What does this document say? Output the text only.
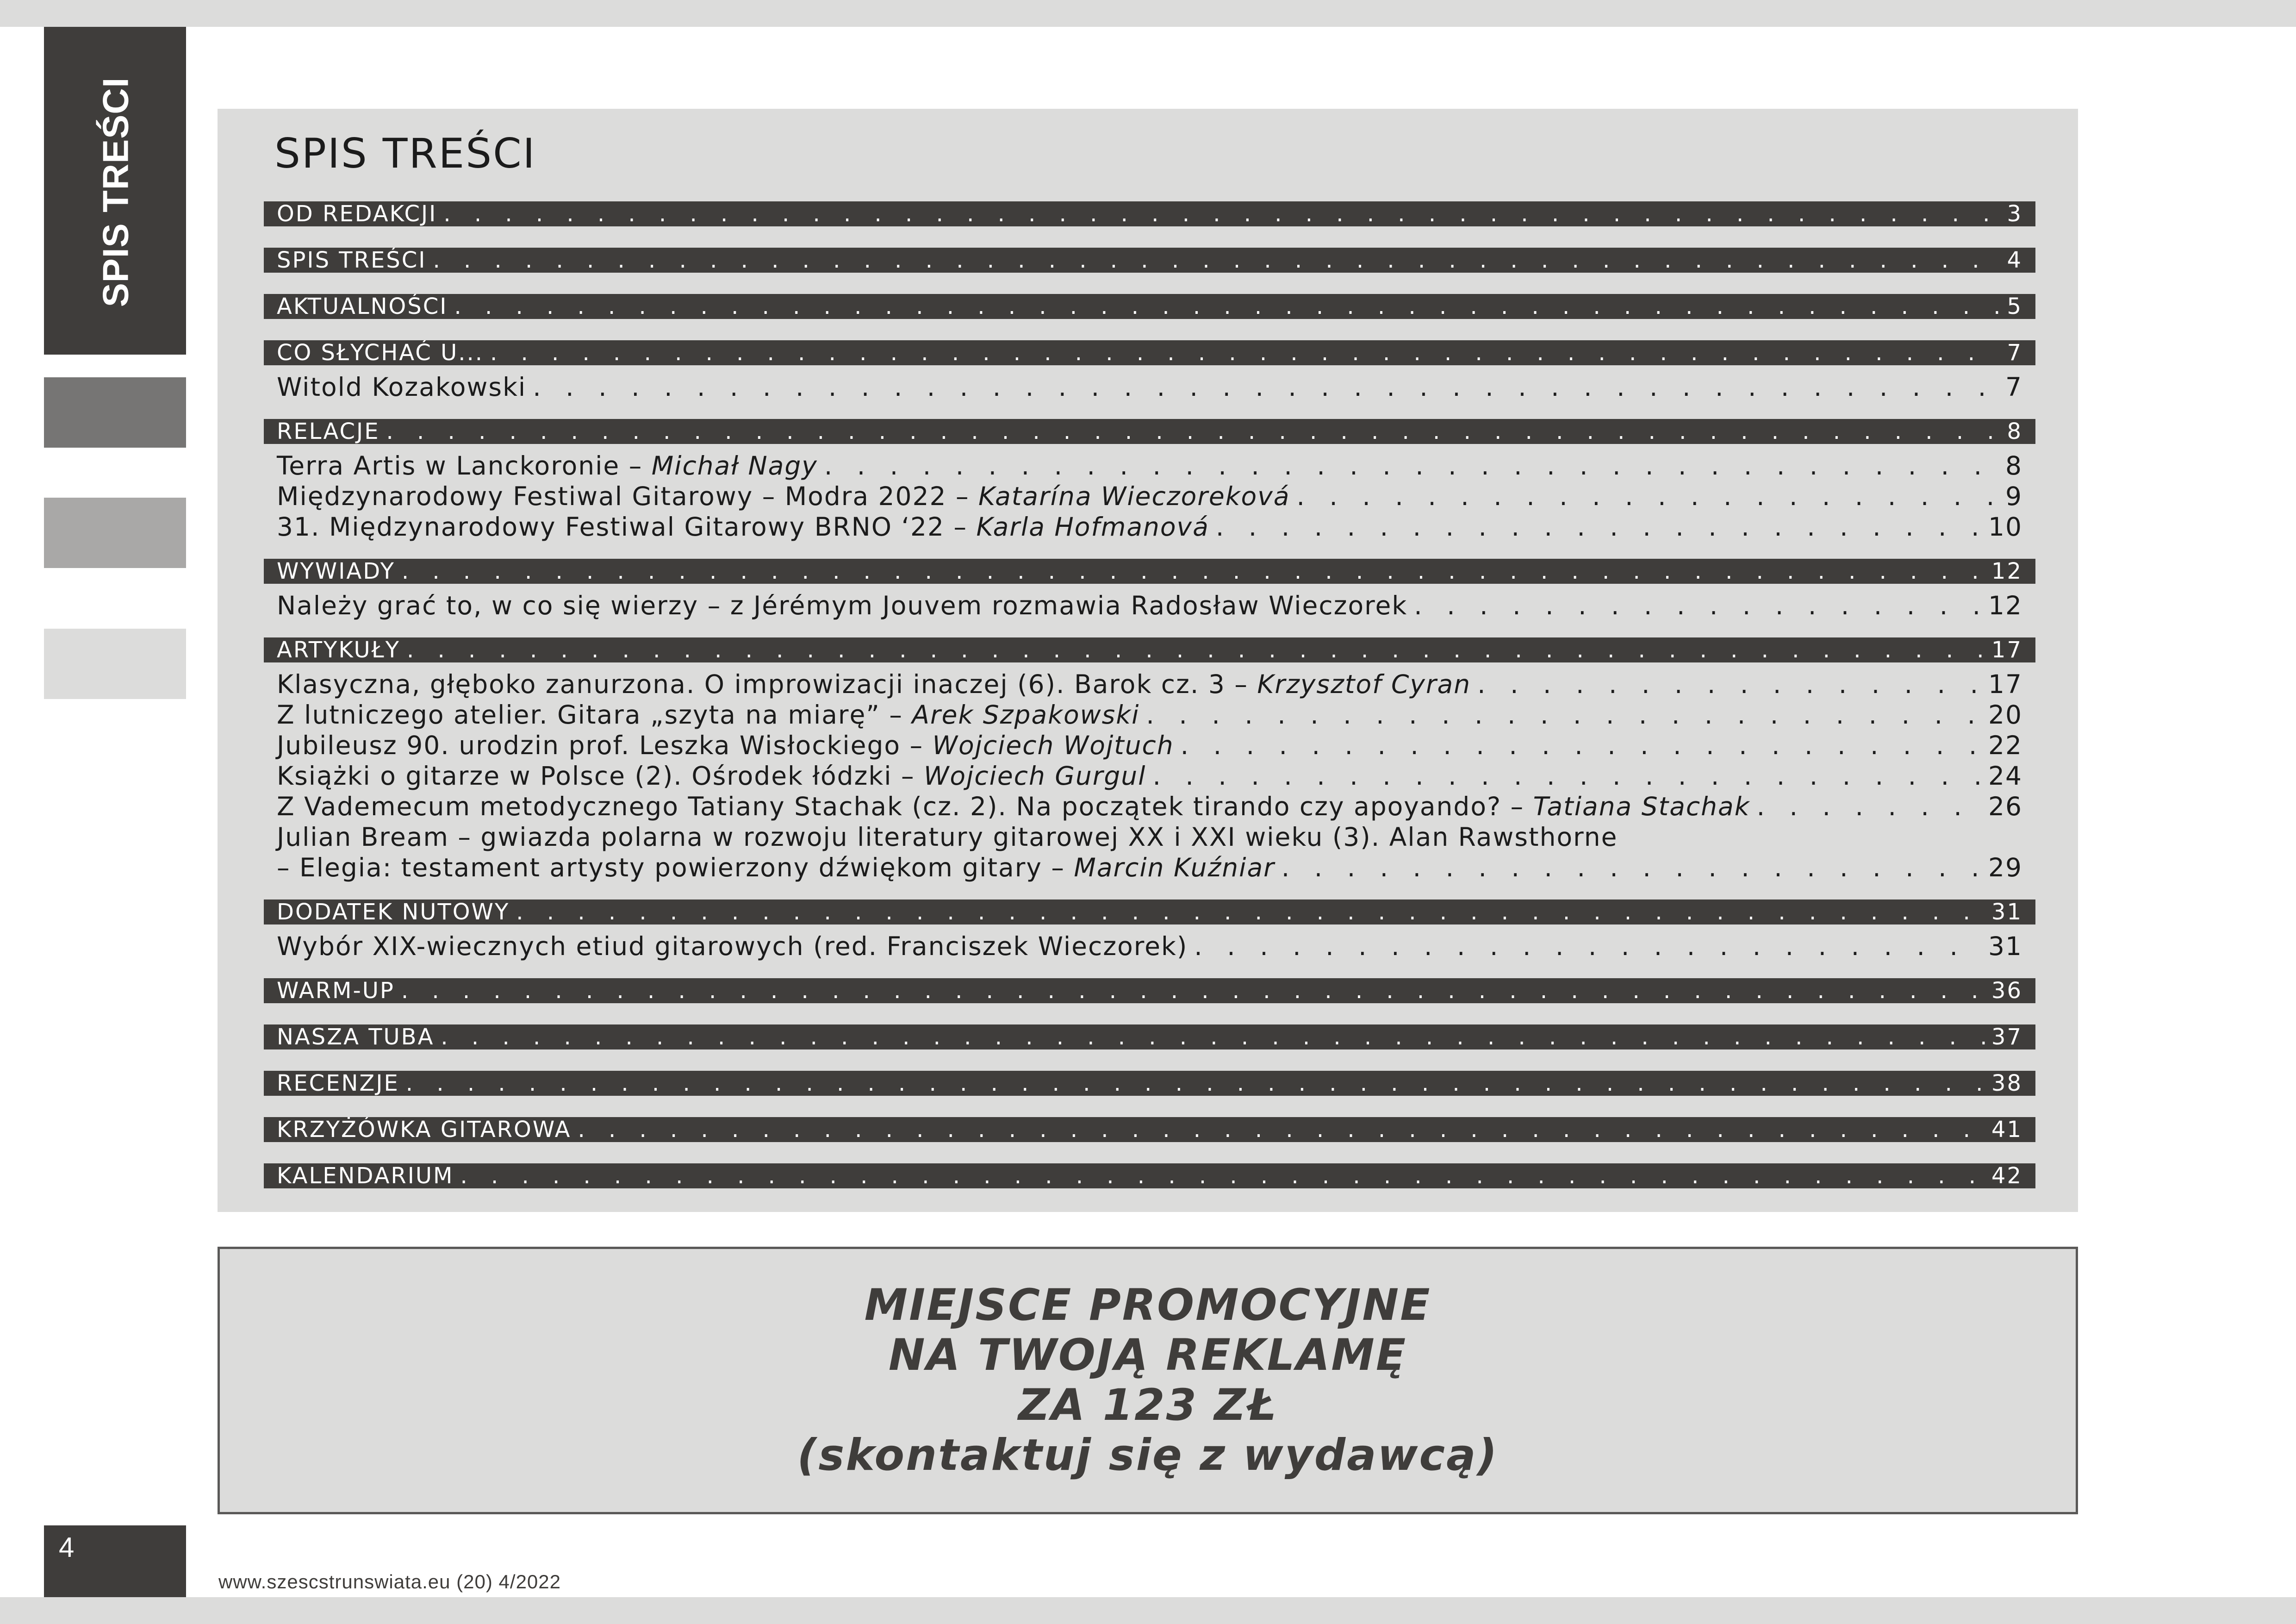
SPIS TREŚCI	SPIS TREŚCI
OD REDAKCJI . . .	3
SPIS TREŚCI . . .	4
AKTUALNOŚCI . . .	5
CO SŁYCHAĆ U... . . .	7
Witold Kozakowski . . .	7
RELACJE . . .	8
Terra Artis w Lanckoronie – Michał Nagy . . .	8
Międzynarodowy Festiwal Gitarowy – Modra 2022 – Katarína Wieczoreková . . .	9
31. Międzynarodowy Festiwal Gitarowy BRNO ‘22 – Karla Hofmanová . . .	10
WYWIADY . . .	12
Należy grać to, w co się wierzy – z Jérémym Jouvem rozmawia Radosław Wieczorek . . .	12
ARTYKUŁY . . .	17
Klasyczna, głęboko zanurzona. O improwizacji inaczej (6). Barok cz. 3 – Krzysztof Cyran . . .	17
Z lutniczego atelier. Gitara „szyta na miarę” – Arek Szpakowski . . .	20
Jubileusz 90. urodzin prof. Leszka Wisłockiego – Wojciech Wojtuch . . .	22
Książki o gitarze w Polsce (2). Ośrodek łódzki – Wojciech Gurgul . . .	24
Z Vademecum metodycznego Tatiany Stachak (cz. 2). Na początek tirando czy apoyando? – Tatiana Stachak . . .	26
Julian Bream – gwiazda polarna w rozwoju literatury gitarowej XX i XXI wieku (3). Alan Rawsthorne
– Elegia: testament artysty powierzony dźwiękom gitary – Marcin Kuźniar . . .	29
DODATEK NUTOWY . . .	31
Wybór XIX-wiecznych etiud gitarowych (red. Franciszek Wieczorek) . . .	31
WARM-UP . . .	36
NASZA TUBA . . .	37
RECENZJE . . .	38
KRZYŻÓWKA GITAROWA . . .	41
KALENDARIUM . . .	42
MIEJSCE PROMOCYJNE
NA TWOJĄ REKLAMĘ
ZA 123 ZŁ
(skontaktuj się z wydawcą)
4
www.szescstrunswiata.eu (20) 4/2022
